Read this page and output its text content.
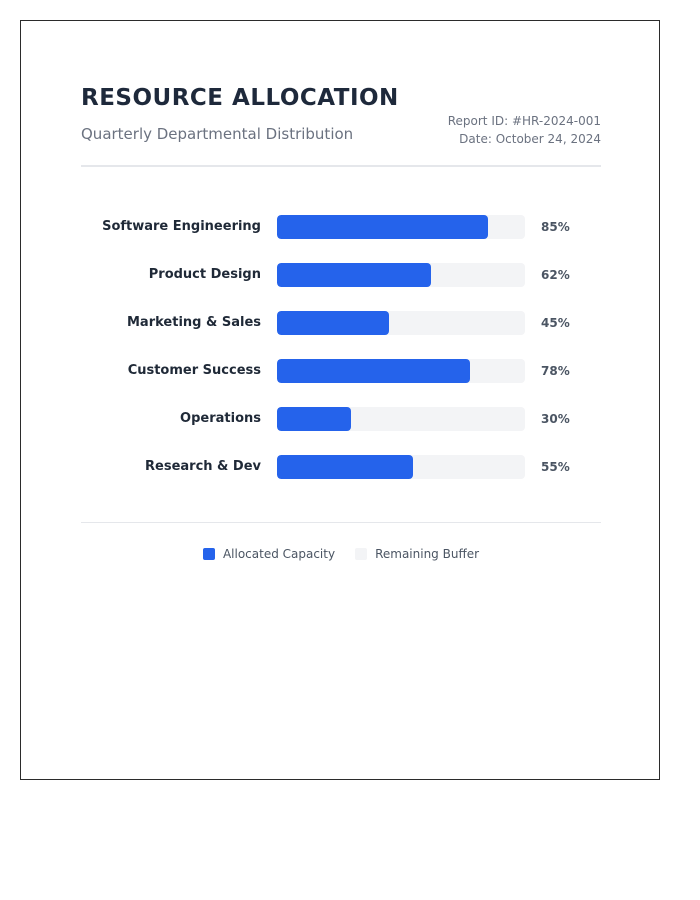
RESOURCE ALLOCATION
Quarterly Departmental Distribution
Report ID: #HR-2024-001
Date: October 24, 2024
Software Engineering	85%
Product Design	62%
Marketing & Sales	45%
Customer Success	78%
Operations	30%
Research & Dev	55%
Allocated Capacity	Remaining Buffer
